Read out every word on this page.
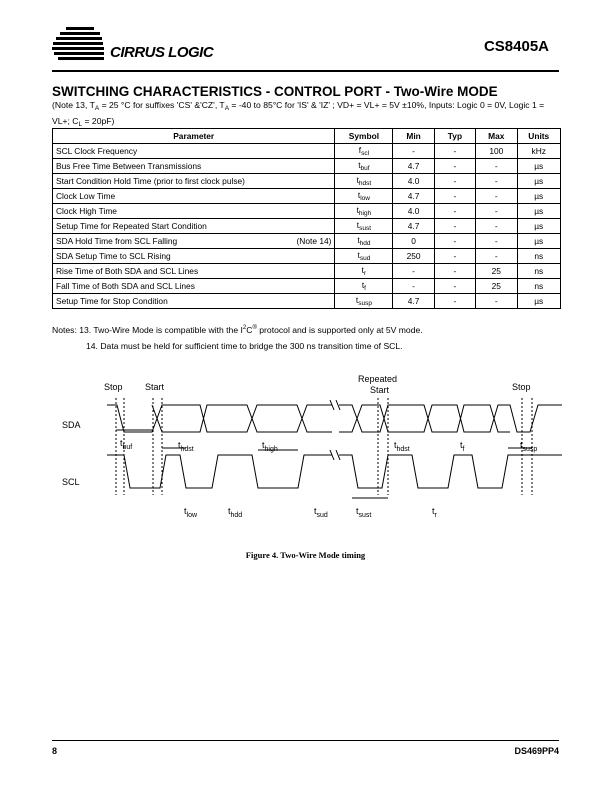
CIRRUS LOGIC	CS8405A
SWITCHING CHARACTERISTICS - CONTROL PORT - Two-Wire MODE
(Note 13, $T_A = 25$ °C for suffixes 'CS' &'CZ', $T_A = -40$ to 85°C for 'IS' & 'IZ' ; VD+ = VL+ = 5V ±10%, Inputs: Logic 0 = 0V, Logic 1 = VL+; $C_L = 20pF$)
Parameter	Symbol	Min	Typ	Max	Units
SCL Clock Frequency	$f_{scl}$	-	-	100	kHz
Bus Free Time Between Transmissions	$t_{buf}$	4.7	-	-	µs
Start Condition Hold Time (prior to first clock pulse)	$t_{hdst}$	4.0	-	-	µs
Clock Low Time	$t_{low}$	4.7	-	-	µs
Clock High Time	$t_{high}$	4.0	-	-	µs
Setup Time for Repeated Start Condition	$t_{sust}$	4.7	-	-	µs
SDA Hold Time from SCL Falling (Note 14)	$t_{hdd}$	0	-	-	µs
SDA Setup Time to SCL Rising	$t_{sud}$	250	-	-	ns
Rise Time of Both SDA and SCL Lines	$t_r$	-	-	25	ns
Fall Time of Both SDA and SCL Lines	$t_f$	-	-	25	ns
Setup Time for Stop Condition	$t_{susp}$	4.7	-	-	µs
Notes: 13. Two-Wire Mode is compatible with the $I^2C®$ protocol and is supported only at 5V mode.
14. Data must be held for sufficient time to bridge the 300 ns transition time of SCL.
Stop Start
Repeated
Start	Stop
SDA
SCL
$t_{buf}$	$t_{hdst}$	$t_{high}$	$t_{hdst}$	$t_f$	$t_{susp}$
$t_{low}$	$t_{hdd}$	$t_{sud}$	$t_{sust}$	$t_r$
Figure 4. Two-Wire Mode timing
8	DS469PP4
